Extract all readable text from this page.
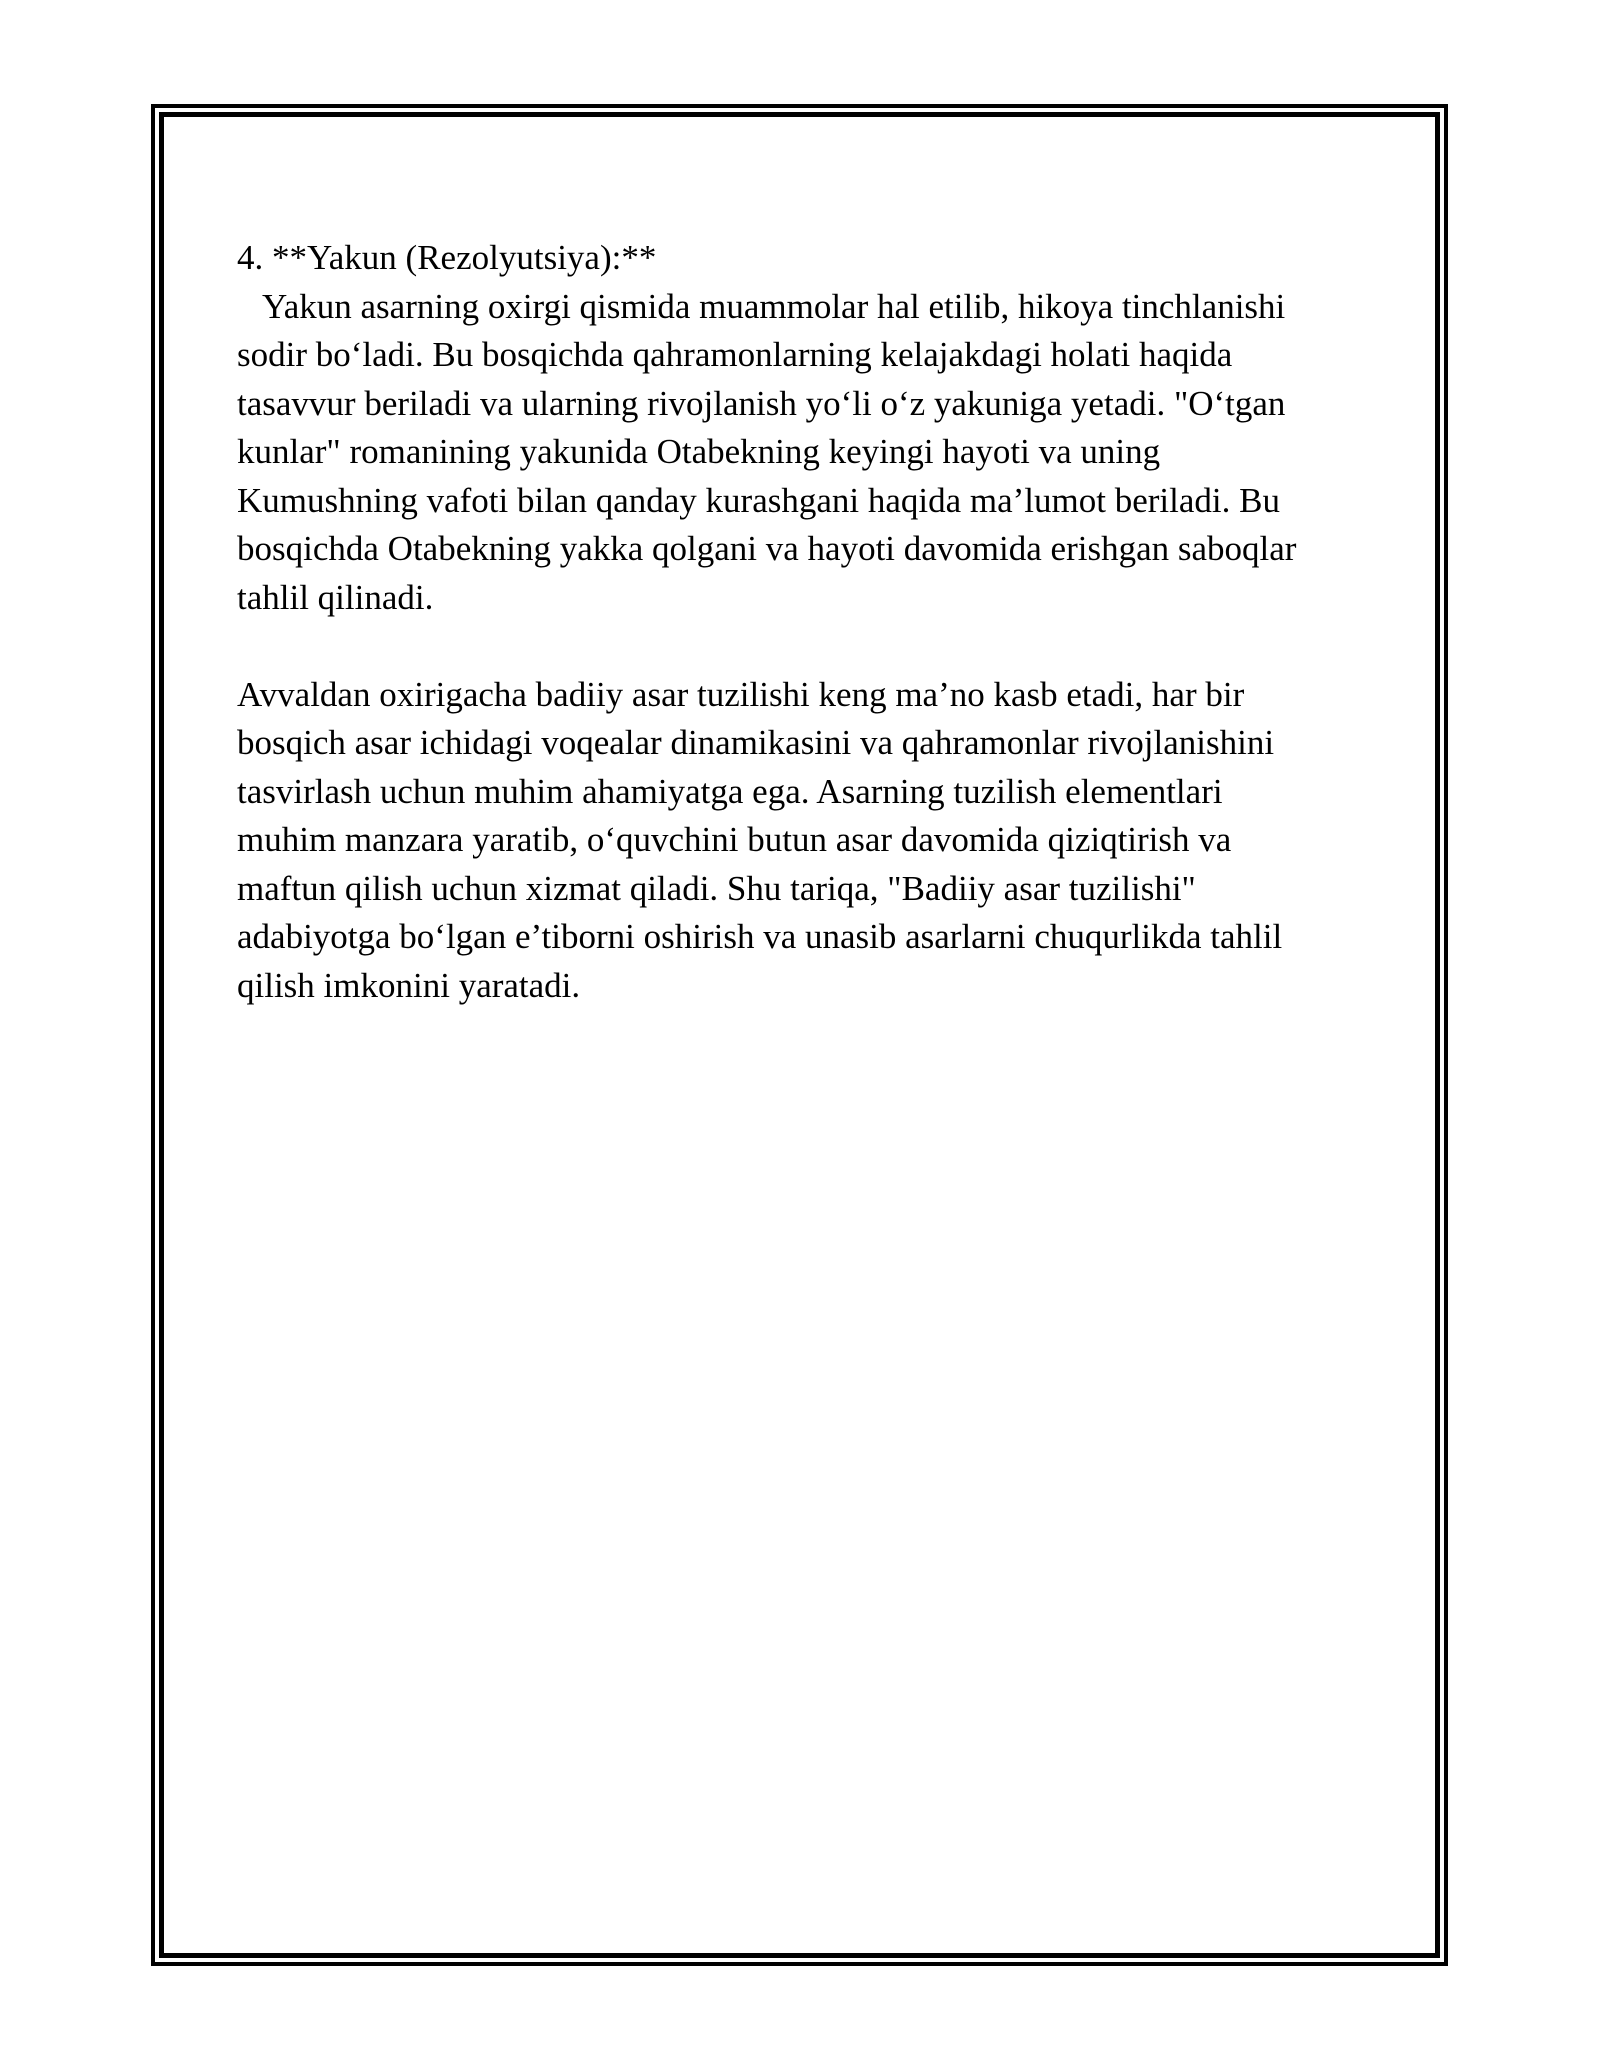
4. **Yakun (Rezolyutsiya):**
Yakun asarning oxirgi qismida muammolar hal etilib, hikoya tinchlanishi
sodir bo‘ladi. Bu bosqichda qahramonlarning kelajakdagi holati haqida
tasavvur beriladi va ularning rivojlanish yo‘li o‘z yakuniga yetadi. "O‘tgan
kunlar" romanining yakunida Otabekning keyingi hayoti va uning
Kumushning vafoti bilan qanday kurashgani haqida ma’lumot beriladi. Bu
bosqichda Otabekning yakka qolgani va hayoti davomida erishgan saboqlar
tahlil qilinadi.
Avvaldan oxirigacha badiiy asar tuzilishi keng ma’no kasb etadi, har bir
bosqich asar ichidagi voqealar dinamikasini va qahramonlar rivojlanishini
tasvirlash uchun muhim ahamiyatga ega. Asarning tuzilish elementlari
muhim manzara yaratib, o‘quvchini butun asar davomida qiziqtirish va
maftun qilish uchun xizmat qiladi. Shu tariqa, "Badiiy asar tuzilishi"
adabiyotga bo‘lgan e’tiborni oshirish va unasib asarlarni chuqurlikda tahlil
qilish imkonini yaratadi.
